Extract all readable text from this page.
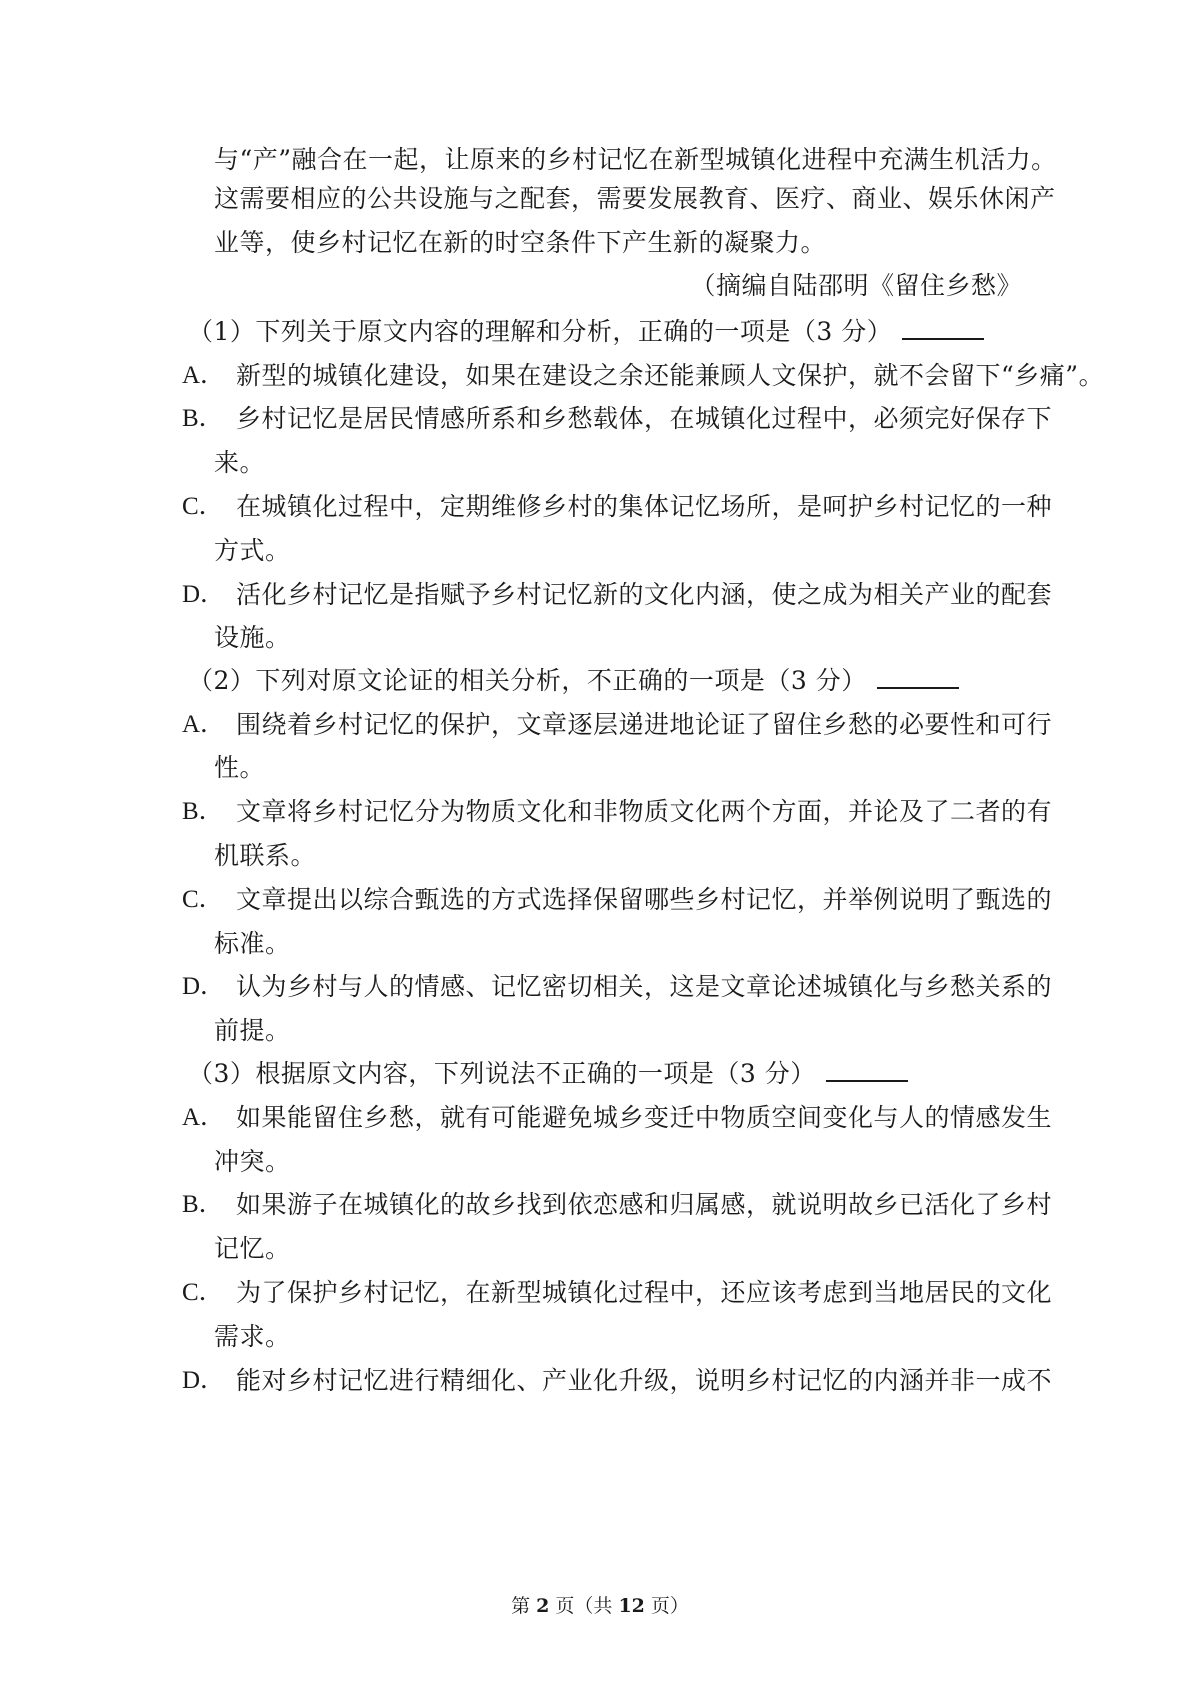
与“产”融合在一起，让原来的乡村记忆在新型城镇化进程中充满生机活力。
这需要相应的公共设施与之配套，需要发展教育、医疗、商业、娱乐休闲产
业等，使乡村记忆在新的时空条件下产生新的凝聚力。
（摘编自陆邵明《留住乡愁》
（1）下列关于原文内容的理解和分析，正确的一项是（3 分）
A． 新型的城镇化建设，如果在建设之余还能兼顾人文保护，就不会留下“乡痛”。
B． 乡村记忆是居民情感所系和乡愁载体，在城镇化过程中，必须完好保存下
来。
C． 在城镇化过程中，定期维修乡村的集体记忆场所，是呵护乡村记忆的一种
方式。
D． 活化乡村记忆是指赋予乡村记忆新的文化内涵，使之成为相关产业的配套
设施。
（2）下列对原文论证的相关分析，不正确的一项是（3 分）
A． 围绕着乡村记忆的保护，文章逐层递进地论证了留住乡愁的必要性和可行
性。
B． 文章将乡村记忆分为物质文化和非物质文化两个方面，并论及了二者的有
机联系。
C． 文章提出以综合甄选的方式选择保留哪些乡村记忆，并举例说明了甄选的
标准。
D． 认为乡村与人的情感、记忆密切相关，这是文章论述城镇化与乡愁关系的
前提。
（3）根据原文内容，下列说法不正确的一项是（3 分）
A． 如果能留住乡愁，就有可能避免城乡变迁中物质空间变化与人的情感发生
冲突。
B． 如果游子在城镇化的故乡找到依恋感和归属感，就说明故乡已活化了乡村
记忆。
C． 为了保护乡村记忆，在新型城镇化过程中，还应该考虑到当地居民的文化
需求。
D． 能对乡村记忆进行精细化、产业化升级，说明乡村记忆的内涵并非一成不
第 2 页（共 12 页）
